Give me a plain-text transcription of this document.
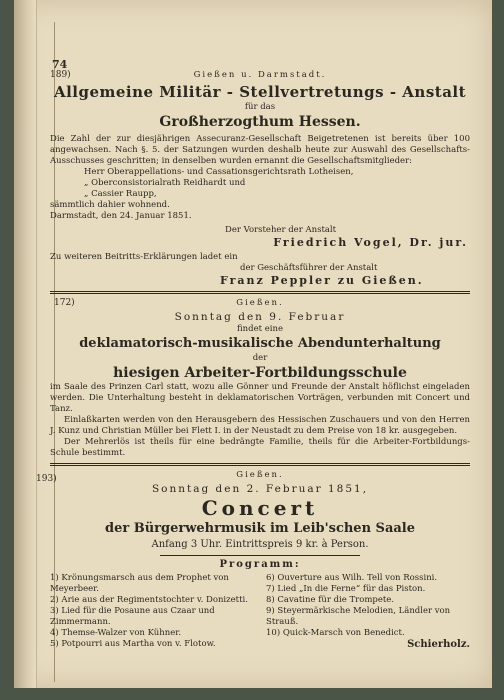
74
189)	Gießen u. Darmstadt.
Allgemeine Militär - Stellvertretungs - Anstalt
für das
Großherzogthum Hessen.
Die Zahl der zur diesjährigen Assecuranz-Gesellschaft Beigetretenen ist bereits über 100 angewachsen. Nach §. 5. der Satzungen wurden deshalb heute zur Auswahl des Gesellschafts-Ausschusses geschritten; in denselben wurden ernannt die Gesellschaftsmitglieder:
Herr Oberappellations- und Cassationsgerichtsrath Lotheisen,
„ Oberconsistorialrath Reidhardt und
„ Cassier Raupp,
sämmtlich dahier wohnend.
Darmstadt, den 24. Januar 1851.
Der Vorsteher der Anstalt
Friedrich Vogel, Dr. jur.
Zu weiteren Beitritts-Erklärungen ladet ein
der Geschäftsführer der Anstalt
Franz Peppler zu Gießen.
172)	Gießen.
Sonntag den 9. Februar
findet eine
deklamatorisch-musikalische Abendunterhaltung
der
hiesigen Arbeiter-Fortbildungsschule
im Saale des Prinzen Carl statt, wozu alle Gönner und Freunde der Anstalt höflichst eingeladen werden. Die Unterhaltung besteht in deklamatorischen Vorträgen, verbunden mit Concert und Tanz.
Einlaßkarten werden von den Herausgebern des Hessischen Zuschauers und von den Herren J. Kunz und Christian Müller bei Flett I. in der Neustadt zu dem Preise von 18 kr. ausgegeben.
Der Mehrerlös ist theils für eine bedrängte Familie, theils für die Arbeiter-Fortbildungs-Schule bestimmt.
193)	Gießen.
Sonntag den 2. Februar 1851,
Concert
der Bürgerwehrmusik im Leib'schen Saale
Anfang 3 Uhr. Eintrittspreis 9 kr. à Person.
Programm:
1) Krönungsmarsch aus dem Prophet von Meyerbeer.
2) Arie aus der Regimentstochter v. Donizetti.
3) Lied für die Posaune aus Czaar und Zimmermann.
4) Themse-Walzer von Kühner.
5) Potpourri aus Martha von v. Flotow.
6) Ouverture aus Wilh. Tell von Rossini.
7) Lied „In die Ferne“ für das Piston.
8) Cavatine für die Trompete.
9) Steyermärkische Melodien, Ländler von Strauß.
10) Quick-Marsch von Benedict.
Schierholz.
